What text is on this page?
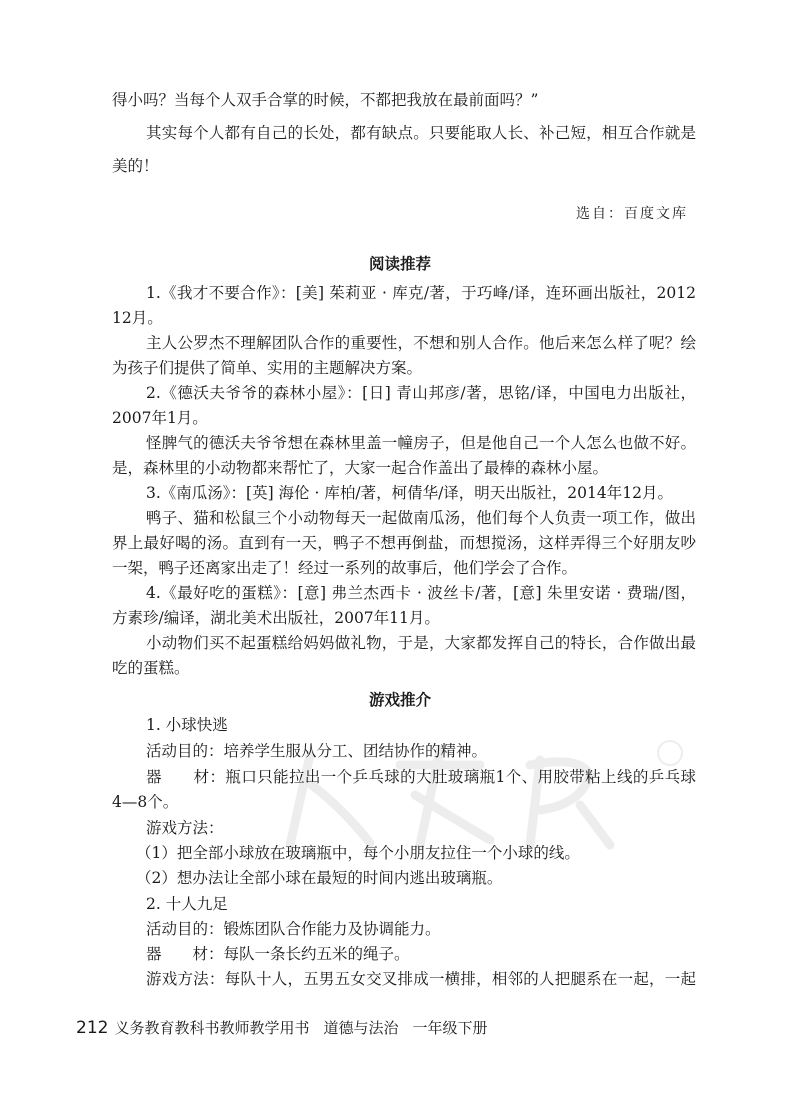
得小吗？当每个人双手合掌的时候，不都把我放在最前面吗？”
其实每个人都有自己的长处，都有缺点。只要能取人长、补己短，相互合作就是
美的！
选自：百度文库
阅读推荐
1.《我才不要合作》：[美] 茱莉亚 · 库克/著，于巧峰/译，连环画出版社，2012
12月。
主人公罗杰不理解团队合作的重要性，不想和别人合作。他后来怎么样了呢？绘
为孩子们提供了简单、实用的主题解决方案。
2.《德沃夫爷爷的森林小屋》：[日] 青山邦彦/著，思铭/译，中国电力出版社，
2007年1月。
怪脾气的德沃夫爷爷想在森林里盖一幢房子，但是他自己一个人怎么也做不好。
是，森林里的小动物都来帮忙了，大家一起合作盖出了最棒的森林小屋。
3.《南瓜汤》：[英] 海伦 · 库柏/著，柯倩华/译，明天出版社，2014年12月。
鸭子、猫和松鼠三个小动物每天一起做南瓜汤，他们每个人负责一项工作，做出
界上最好喝的汤。直到有一天，鸭子不想再倒盐，而想搅汤，这样弄得三个好朋友吵
一架，鸭子还离家出走了！经过一系列的故事后，他们学会了合作。
4.《最好吃的蛋糕》：[意] 弗兰杰西卡 · 波丝卡/著，[意] 朱里安诺 · 费瑞/图，
方素珍/编译，湖北美术出版社，2007年11月。
小动物们买不起蛋糕给妈妈做礼物，于是，大家都发挥自己的特长，合作做出最
吃的蛋糕。
游戏推介
1. 小球快逃
活动目的：培养学生服从分工、团结协作的精神。
器　　材：瓶口只能拉出一个乒乓球的大肚玻璃瓶1个、用胶带粘上线的乒乓球
4—8个。
游戏方法：
（1）把全部小球放在玻璃瓶中，每个小朋友拉住一个小球的线。
（2）想办法让全部小球在最短的时间内逃出玻璃瓶。
2. 十人九足
活动目的：锻炼团队合作能力及协调能力。
器　　材：每队一条长约五米的绳子。
游戏方法：每队十人，五男五女交叉排成一横排，相邻的人把腿系在一起，一起
212 义务教育教科书教师教学用书 道德与法治 一年级下册
